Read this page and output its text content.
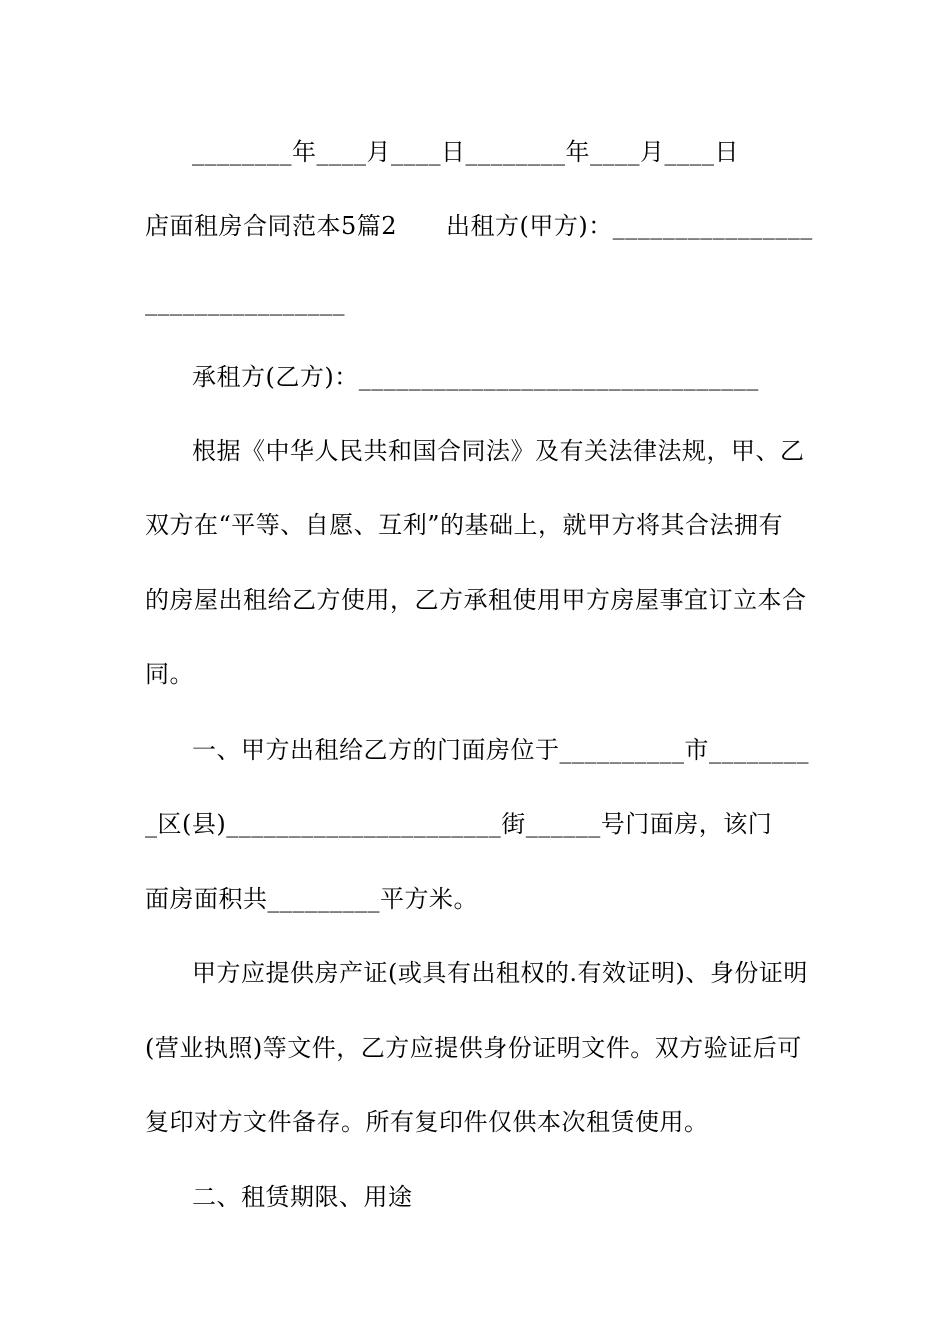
________年____月____日________年____月____日
店面租房合同范本5篇2　　出租方(甲方)：________________
________________
承租方(乙方)：________________________________
根据《中华人民共和国合同法》及有关法律法规，甲、乙
双方在“平等、自愿、互利”的基础上，就甲方将其合法拥有
的房屋出租给乙方使用，乙方承租使用甲方房屋事宜订立本合
同。
一、甲方出租给乙方的门面房位于__________市________
_区(县)______________________街______号门面房，该门
面房面积共_________平方米。
甲方应提供房产证(或具有出租权的.有效证明)、身份证明
(营业执照)等文件，乙方应提供身份证明文件。双方验证后可
复印对方文件备存。所有复印件仅供本次租赁使用。
二、租赁期限、用途
